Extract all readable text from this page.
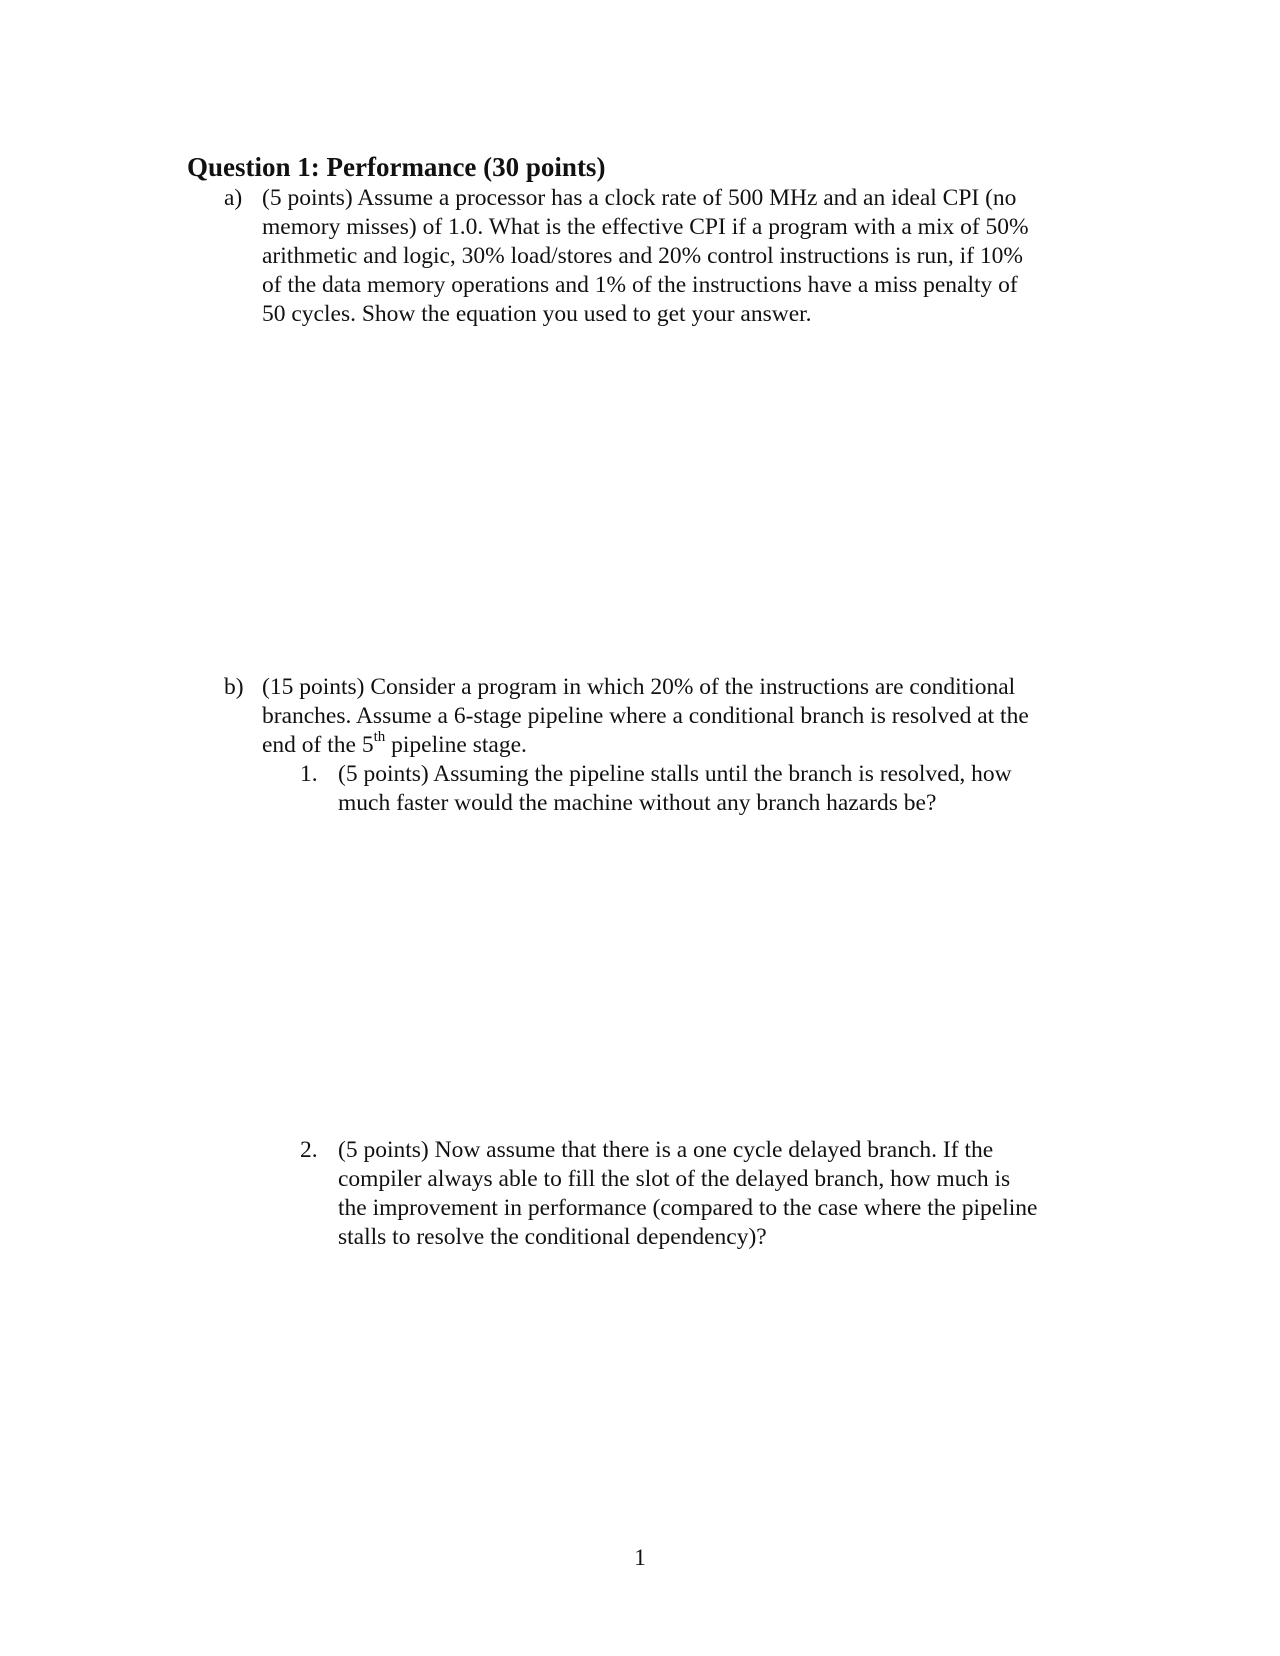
Question 1: Performance (30 points)
a) (5 points) Assume a processor has a clock rate of 500 MHz and an ideal CPI (no
memory misses) of 1.0. What is the effective CPI if a program with a mix of 50%
arithmetic and logic, 30% load/stores and 20% control instructions is run, if 10%
of the data memory operations and 1% of the instructions have a miss penalty of
50 cycles. Show the equation you used to get your answer.

b) (15 points) Consider a program in which 20% of the instructions are conditional
branches. Assume a 6-stage pipeline where a conditional branch is resolved at the
end of the 5th pipeline stage.

1. (5 points) Assuming the pipeline stalls until the branch is resolved, how
much faster would the machine without any branch hazards be?

2. (5 points) Now assume that there is a one cycle delayed branch. If the
compiler always able to fill the slot of the delayed branch, how much is
the improvement in performance (compared to the case where the pipeline
stalls to resolve the conditional dependency)?

1
